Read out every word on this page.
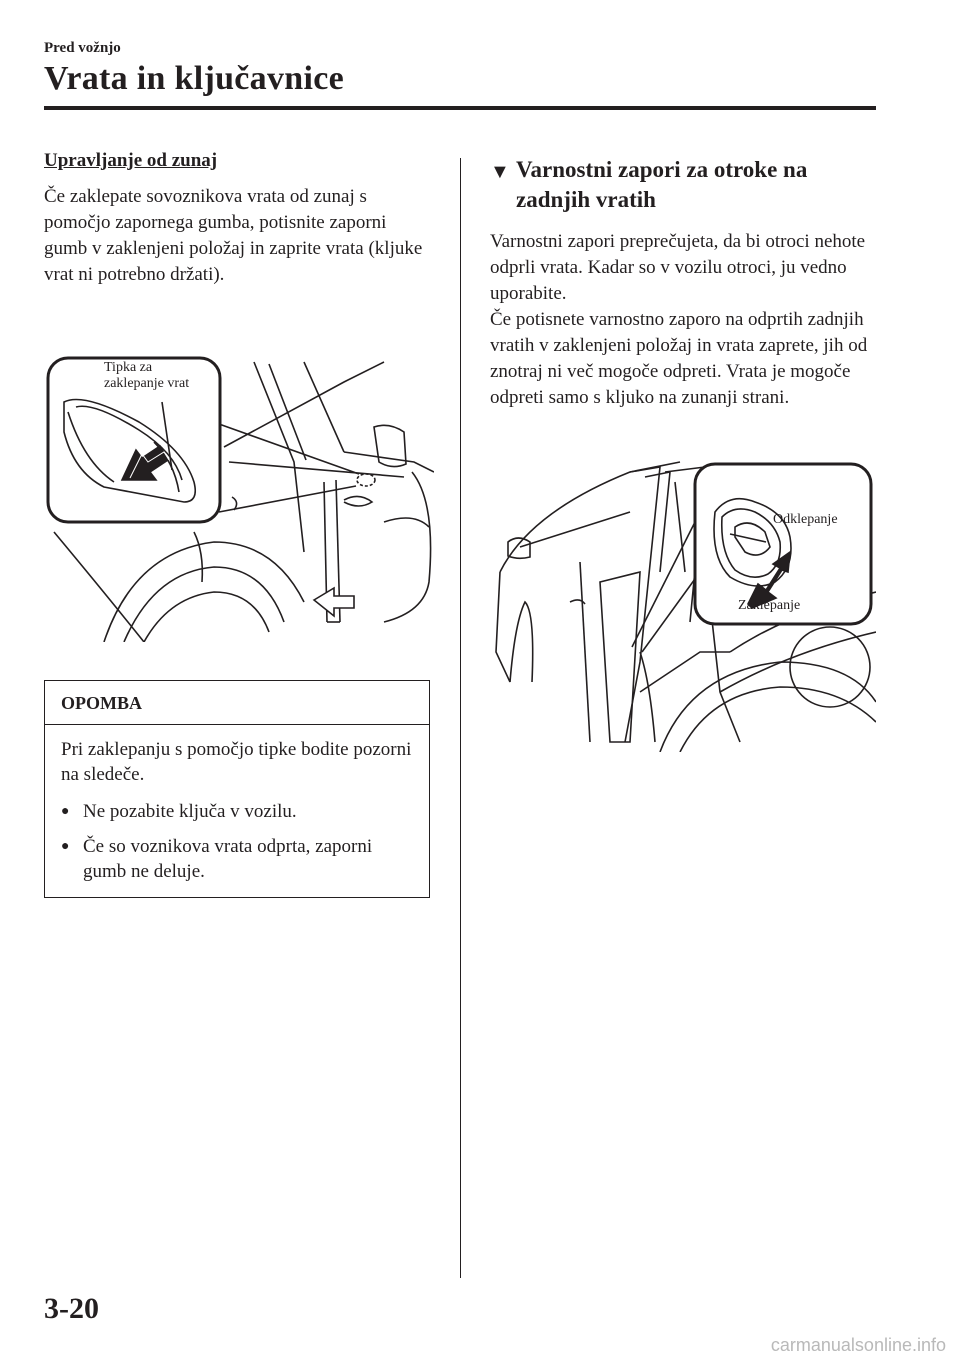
Pred vožnjo
Vrata in ključavnice
Upravljanje od zunaj

Če zaklepate sovoznikova vrata od zunaj s pomočjo zapornega gumba, potisnite zaporni gumb v zaklenjeni položaj in zaprite vrata (kljuke vrat ni potrebno držati).

Tipka za
zaklepanje vrat
OPOMBA

Pri zaklepanju s pomočjo tipke bodite pozorni na sledeče.

● Ne pozabite ključa v vozilu.
● Če so voznikova vrata odprta, zaporni gumb ne deluje.
▼ Varnostni zapori za otroke na zadnjih vratih

Varnostni zapori preprečujeta, da bi otroci nehote odprli vrata. Kadar so v vozilu otroci, ju vedno uporabite.

Če potisnete varnostno zaporo na odprtih zadnjih vratih v zaklenjeni položaj in vrata zaprete, jih od znotraj ni več mogoče odpreti. Vrata je mogoče odpreti samo s kljuko na zunanji strani.

Odklepanje
Zaklepanje
3-20
carmanualsonline.info
